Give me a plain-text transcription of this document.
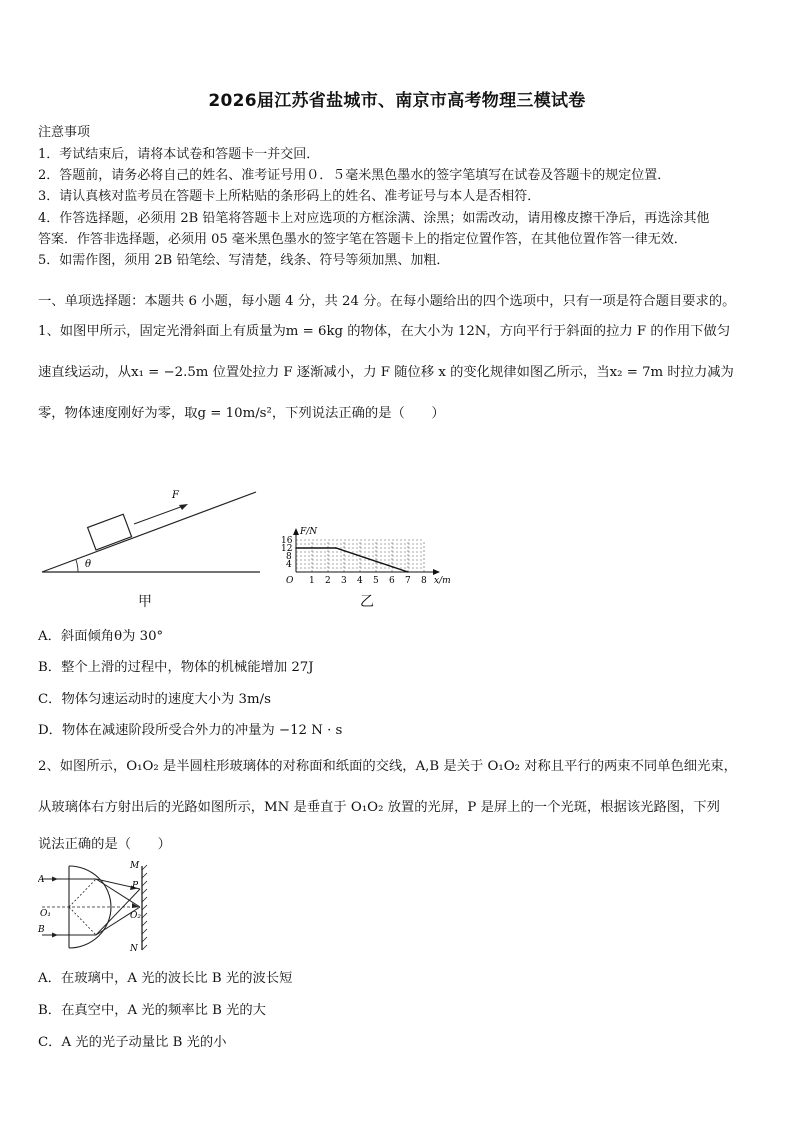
2026届江苏省盐城市、南京市高考物理三模试卷
注意事项
1．考试结束后，请将本试卷和答题卡一并交回．
2．答题前，请务必将自己的姓名、准考证号用０．５毫米黑色墨水的签字笔填写在试卷及答题卡的规定位置．
3．请认真核对监考员在答题卡上所粘贴的条形码上的姓名、准考证号与本人是否相符．
4．作答选择题，必须用 2B 铅笔将答题卡上对应选项的方框涂满、涂黑；如需改动，请用橡皮擦干净后，再选涂其他
答案．作答非选择题，必须用 05 毫米黑色墨水的签字笔在答题卡上的指定位置作答，在其他位置作答一律无效．
5．如需作图，须用 2B 铅笔绘、写清楚，线条、符号等须加黑、加粗．
一、单项选择题：本题共 6 小题，每小题 4 分，共 24 分。在每小题给出的四个选项中，只有一项是符合题目要求的。
1、如图甲所示，固定光滑斜面上有质量为m = 6kg 的物体，在大小为 12N，方向平行于斜面的拉力 F 的作用下做匀
速直线运动，从x₁ = −2.5m 位置处拉力 F 逐渐减小，力 F 随位移 x 的变化规律如图乙所示，当x₂ = 7m 时拉力减为
零，物体速度刚好为零，取g = 10m/s²，下列说法正确的是（　　）
F
θ
甲
1 2 3 4 5 6 7 8
4
8
12
16
O	x/m
F/N
乙
A．斜面倾角θ为 30°
B．整个上滑的过程中，物体的机械能增加 27J
C．物体匀速运动时的速度大小为 3m/s
D．物体在减速阶段所受合外力的冲量为 −12 N · s
2、如图所示，O₁O₂ 是半圆柱形玻璃体的对称面和纸面的交线，A,B 是关于 O₁O₂ 对称且平行的两束不同单色细光束，
从玻璃体右方射出后的光路如图所示，MN 是垂直于 O₁O₂ 放置的光屏，P 是屏上的一个光斑，根据该光路图，下列
说法正确的是（　　）
A
B
O₁	O₂
M
N
P
A．在玻璃中，A 光的波长比 B 光的波长短
B．在真空中，A 光的频率比 B 光的大
C．A 光的光子动量比 B 光的小
